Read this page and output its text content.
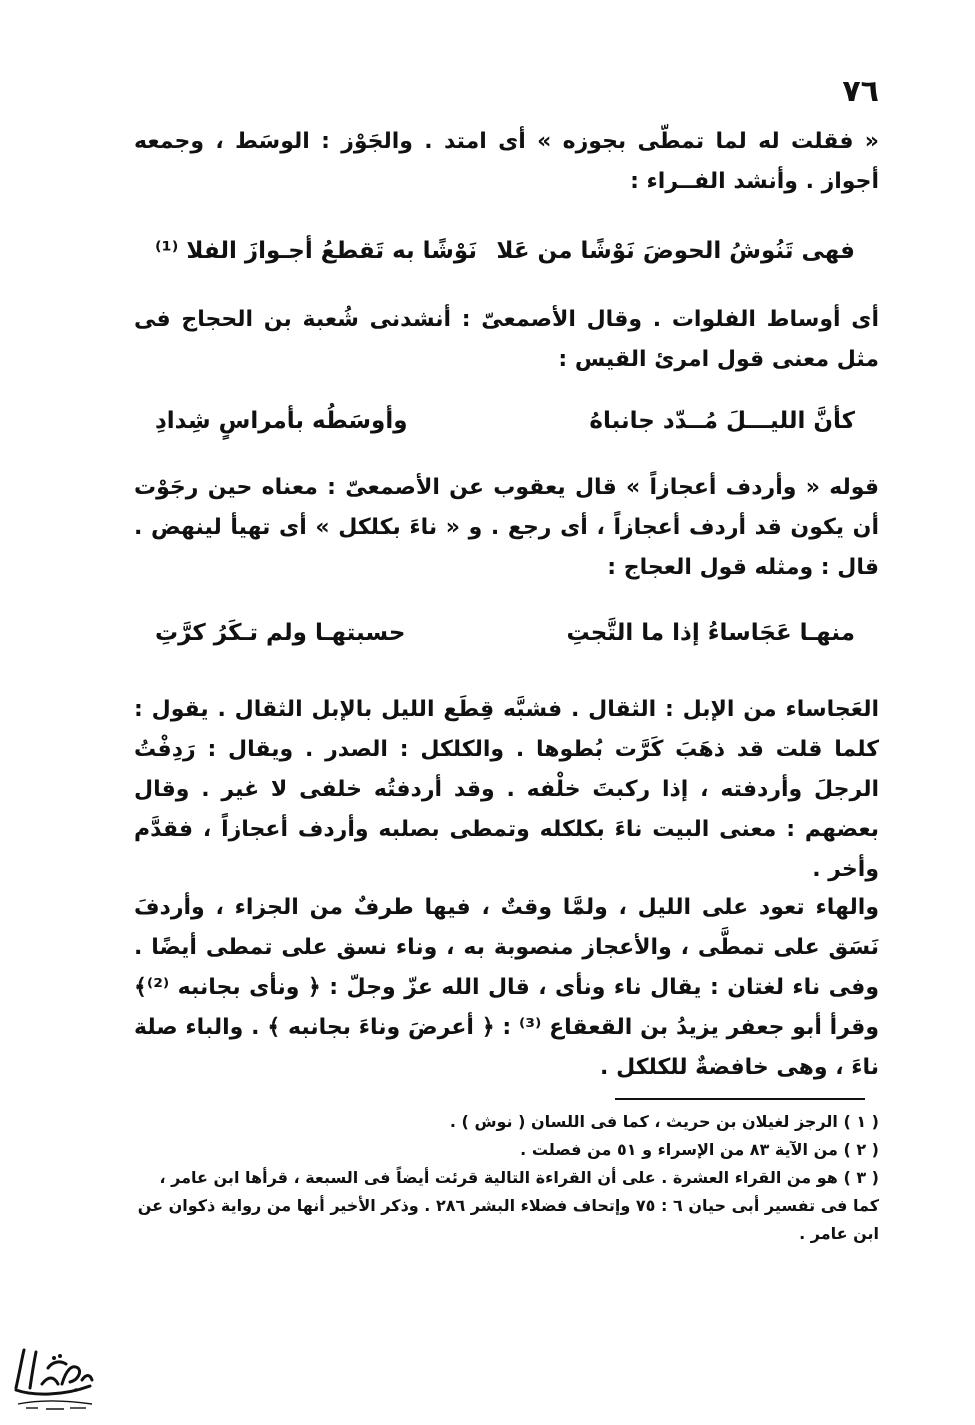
٧٦

« فقلت له لما تمطّى بجوزه » أى امتد . والجَوْز : الوسَط ، وجمعه أجواز . وأنشد الفــراء :

فهى تَنُوشُ الحوضَ نَوْشًا من عَلا
نَوْشًا به تَقطعُ أجـوازَ الفلا ⁽¹⁾

أى أوساط الفلوات . وقال الأصمعىّ : أنشدنى شُعبة بن الحجاج فى مثل معنى قول امرئ القيس :

كأنَّ الليـــلَ مُــدّد جانباهُ
وأوسَطُه بأمراسٍ شِدادِ

قوله « وأردف أعجازاً » قال يعقوب عن الأصمعىّ : معناه حين رجَوْت أن يكون قد أردف أعجازاً ، أى رجع . و « ناءَ بكلكل » أى تهيأ لينهض . قال : ومثله قول العجاج :

منهـا عَجَاساءُ إذا ما التَّجتِ
حسبتهـا ولم تـكَرُ كرَّتِ

العَجاساء من الإبل : الثقال . فشبَّه قِطَع الليل بالإبل الثقال . يقول : كلما قلت قد ذهَبَ كَرَّت بُطوها . والكلكل : الصدر . ويقال : رَدِفْتُ الرجلَ وأردفته ، إذا ركبتَ خلْفه . وقد أردفتُه خلفى لا غير . وقال بعضهم : معنى البيت ناءَ بكلكله وتمطى بصلبه وأردف أعجازاً ، فقدَّم وأخر .

والهاء تعود على الليل ، ولمَّا وقتٌ ، فيها طرفٌ من الجزاء ، وأردفَ نَسَق على تمطَّى ، والأعجاز منصوبة به ، وناء نسق على تمطى أيضًا . وفى ناء لغتان : يقال ناء ونأى ، قال الله عزّ وجلّ : ﴿ ونأى بجانبه ⁽²⁾﴾ وقرأ أبو جعفر يزيدُ بن القعقاع ⁽³⁾ : ﴿ أعرضَ وناءَ بجانبه ﴾ . والباء صلة ناءَ ، وهى خافضةٌ للكلكل .

( ١ ) الرجز لغيلان بن حريث ، كما فى اللسان ( نوش ) .

( ٢ ) من الآية ٨٣ من الإسراء و ٥١ من فصلت .

( ٣ ) هو من القراء العشرة . على أن القراءة التالية قرئت أيضاً فى السبعة ، قرأها ابن عامر ، كما فى تفسير أبى حيان ٦ : ٧٥ وإتحاف فضلاء البشر ٢٨٦ . وذكر الأخير أنها من رواية ذكوان عن ابن عامر .
